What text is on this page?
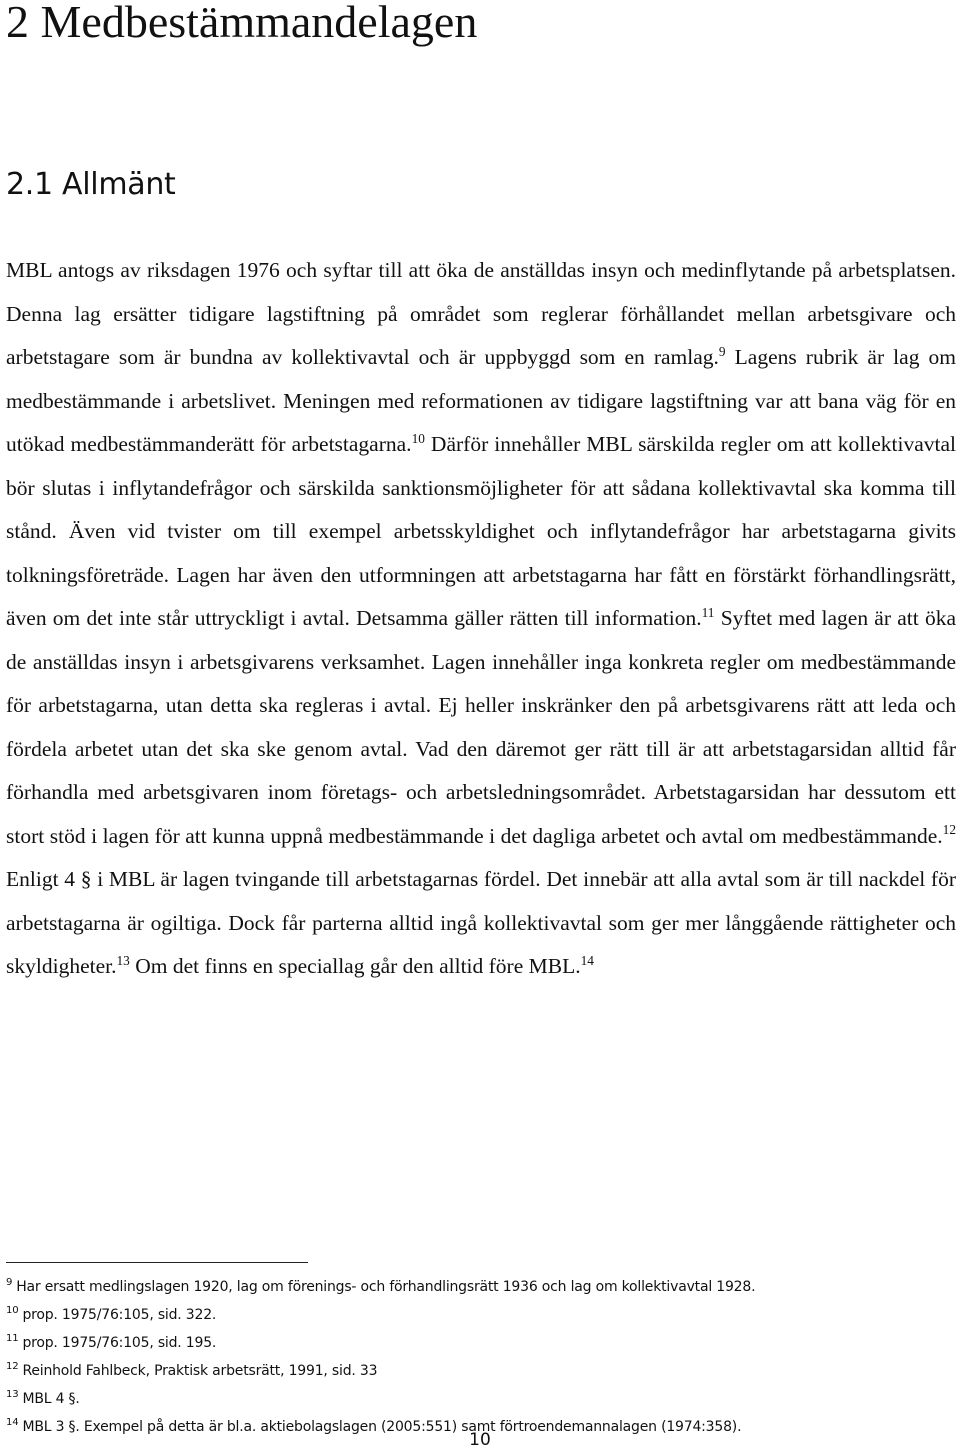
2 Medbestämmandelagen
2.1 Allmänt

MBL antogs av riksdagen 1976 och syftar till att öka de anställdas insyn och medinflytande på arbetsplatsen. Denna lag ersätter tidigare lagstiftning på området som reglerar förhållandet mellan arbetsgivare och arbetstagare som är bundna av kollektivavtal och är uppbyggd som en ramlag.$^9$ Lagens rubrik är lag om medbestämmande i arbetslivet. Meningen med reformationen av tidigare lagstiftning var att bana väg för en utökad medbestämmanderätt för arbetstagarna.$^{10}$ Därför innehåller MBL särskilda regler om att kollektivavtal bör slutas i inflytandefrågor och särskilda sanktionsmöjligheter för att sådana kollektivavtal ska komma till stånd. Även vid tvister om till exempel arbetsskyldighet och inflytandefrågor har arbetstagarna givits tolkningsföreträde. Lagen har även den utformningen att arbetstagarna har fått en förstärkt förhandlingsrätt, även om det inte står uttryckligt i avtal. Detsamma gäller rätten till information.$^{11}$ Syftet med lagen är att öka de anställdas insyn i arbetsgivarens verksamhet. Lagen innehåller inga konkreta regler om medbestämmande för arbetstagarna, utan detta ska regleras i avtal. Ej heller inskränker den på arbetsgivarens rätt att leda och fördela arbetet utan det ska ske genom avtal. Vad den däremot ger rätt till är att arbetstagarsidan alltid får förhandla med arbetsgivaren inom företags- och arbetsledningsområdet. Arbetstagarsidan har dessutom ett stort stöd i lagen för att kunna uppnå medbestämmande i det dagliga arbetet och avtal om medbestämmande.$^{12}$ Enligt 4 § i MBL är lagen tvingande till arbetstagarnas fördel. Det innebär att alla avtal som är till nackdel för arbetstagarna är ogiltiga. Dock får parterna alltid ingå kollektivavtal som ger mer långgående rättigheter och skyldigheter.$^{13}$ Om det finns en speciallag går den alltid före MBL.$^{14}$

$^9$ Har ersatt medlingslagen 1920, lag om förenings- och förhandlingsrätt 1936 och lag om kollektivavtal 1928.
$^{10}$ prop. 1975/76:105, sid. 322.
$^{11}$ prop. 1975/76:105, sid. 195.
$^{12}$ Reinhold Fahlbeck, Praktisk arbetsrätt, 1991, sid. 33
$^{13}$ MBL 4 §.
$^{14}$ MBL 3 §. Exempel på detta är bl.a. aktiebolagslagen (2005:551) samt förtroendemannalagen (1974:358).
10
